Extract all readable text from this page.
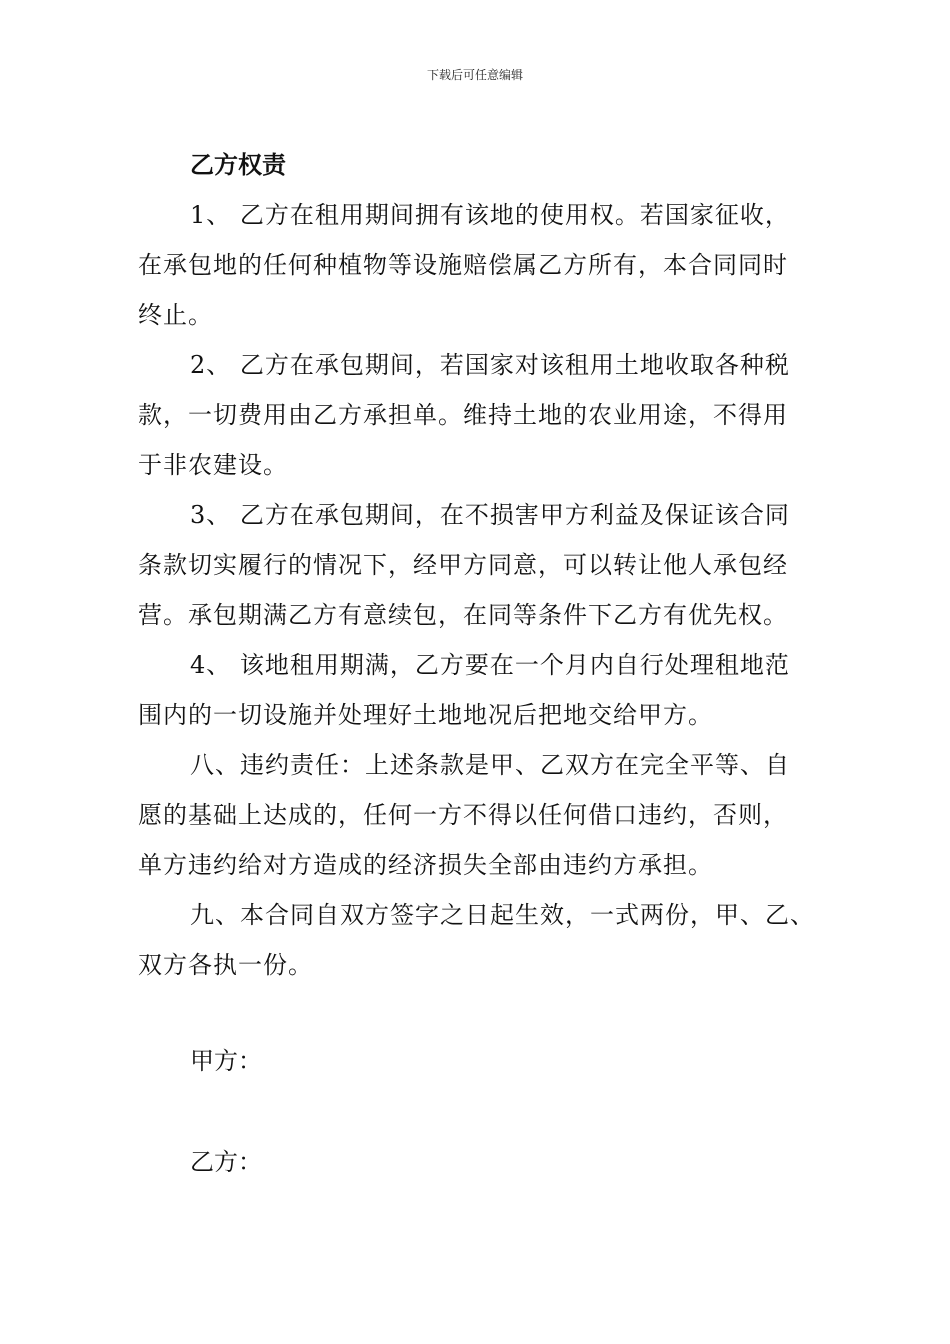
下载后可任意编辑
乙方权责
1、 乙方在租用期间拥有该地的使用权。若国家征收，
在承包地的任何种植物等设施赔偿属乙方所有，本合同同时
终止。
2、 乙方在承包期间，若国家对该租用土地收取各种税
款，一切费用由乙方承担单。维持土地的农业用途，不得用
于非农建设。
3、 乙方在承包期间，在不损害甲方利益及保证该合同
条款切实履行的情况下，经甲方同意，可以转让他人承包经
营。承包期满乙方有意续包，在同等条件下乙方有优先权。
4、 该地租用期满，乙方要在一个月内自行处理租地范
围内的一切设施并处理好土地地况后把地交给甲方。
八、违约责任：上述条款是甲、乙双方在完全平等、自
愿的基础上达成的，任何一方不得以任何借口违约，否则，
单方违约给对方造成的经济损失全部由违约方承担。
九、本合同自双方签字之日起生效，一式两份，甲、乙、
双方各执一份。
甲方：
乙方：
